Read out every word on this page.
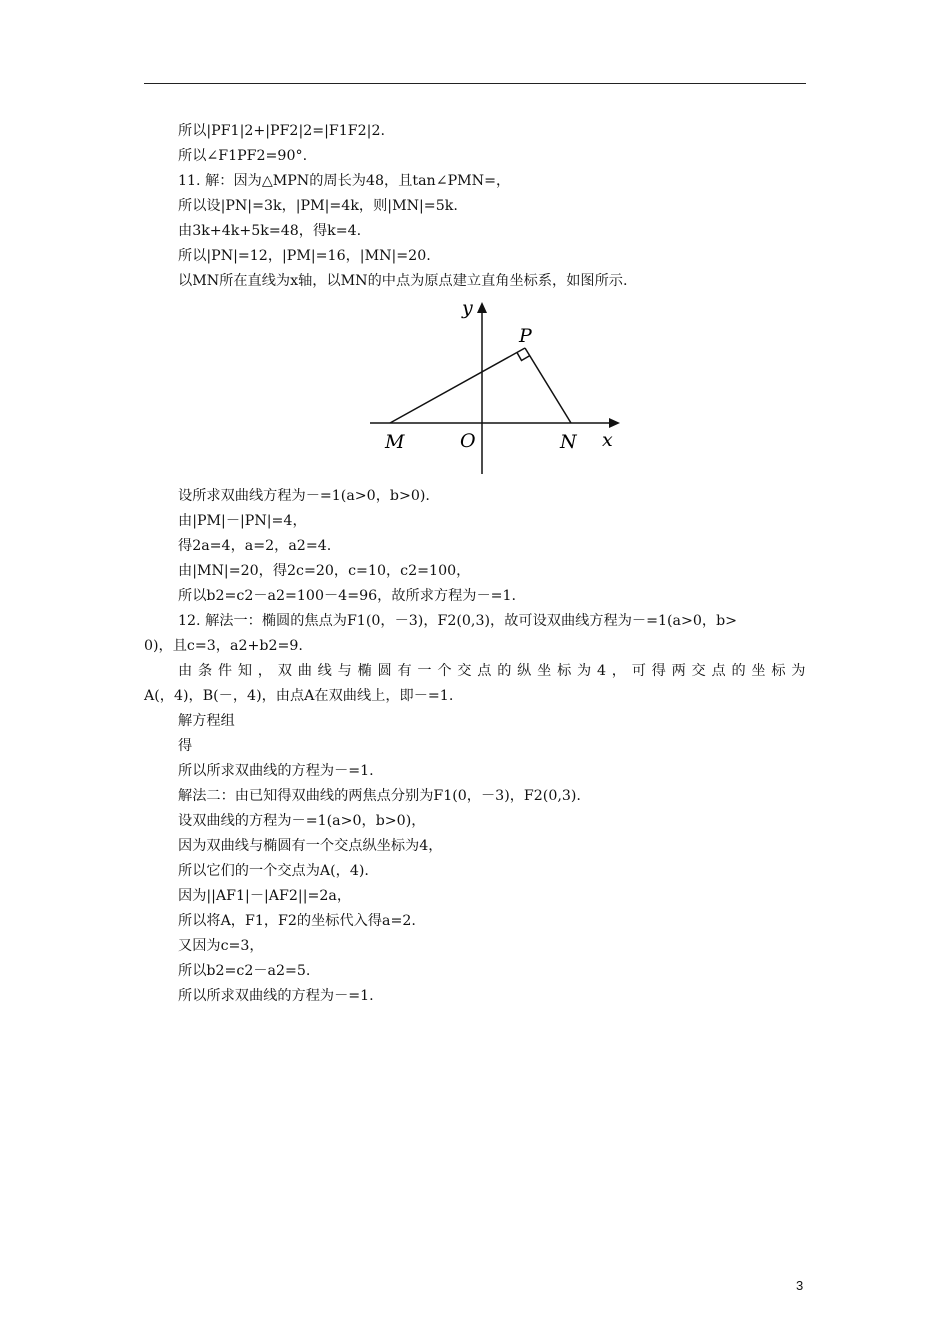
所以|PF1|2+|PF2|2=|F1F2|2.
所以∠F1PF2=90°.
11. 解：因为△MPN的周长为48，且tan∠PMN=，
所以设|PN|=3k，|PM|=4k，则|MN|=5k.
由3k+4k+5k=48，得k=4.
所以|PN|=12，|PM|=16，|MN|=20.
以MN所在直线为x轴，以MN的中点为原点建立直角坐标系，如图所示.
y
x
P
M	O	N
设所求双曲线方程为－=1(a>0，b>0).
由|PM|－|PN|=4，
得2a=4，a=2，a2=4.
由|MN|=20，得2c=20，c=10，c2=100，
所以b2=c2－a2=100－4=96，故所求方程为－=1.
12. 解法一：椭圆的焦点为F1(0，－3)，F2(0,3)，故可设双曲线方程为－=1(a>0，b>
0)，且c=3，a2+b2=9.
由条件知，双曲线与椭圆有一个交点的纵坐标为4，可得两交点的坐标为
A(，4)，B(－，4)，由点A在双曲线上，即－=1.
解方程组
得
所以所求双曲线的方程为－=1.
解法二：由已知得双曲线的两焦点分别为F1(0，－3)，F2(0,3).
设双曲线的方程为－=1(a>0，b>0)，
因为双曲线与椭圆有一个交点纵坐标为4，
所以它们的一个交点为A(，4).
因为||AF1|－|AF2||=2a，
所以将A，F1，F2的坐标代入得a=2.
又因为c=3，
所以b2=c2－a2=5.
所以所求双曲线的方程为－=1.
3
